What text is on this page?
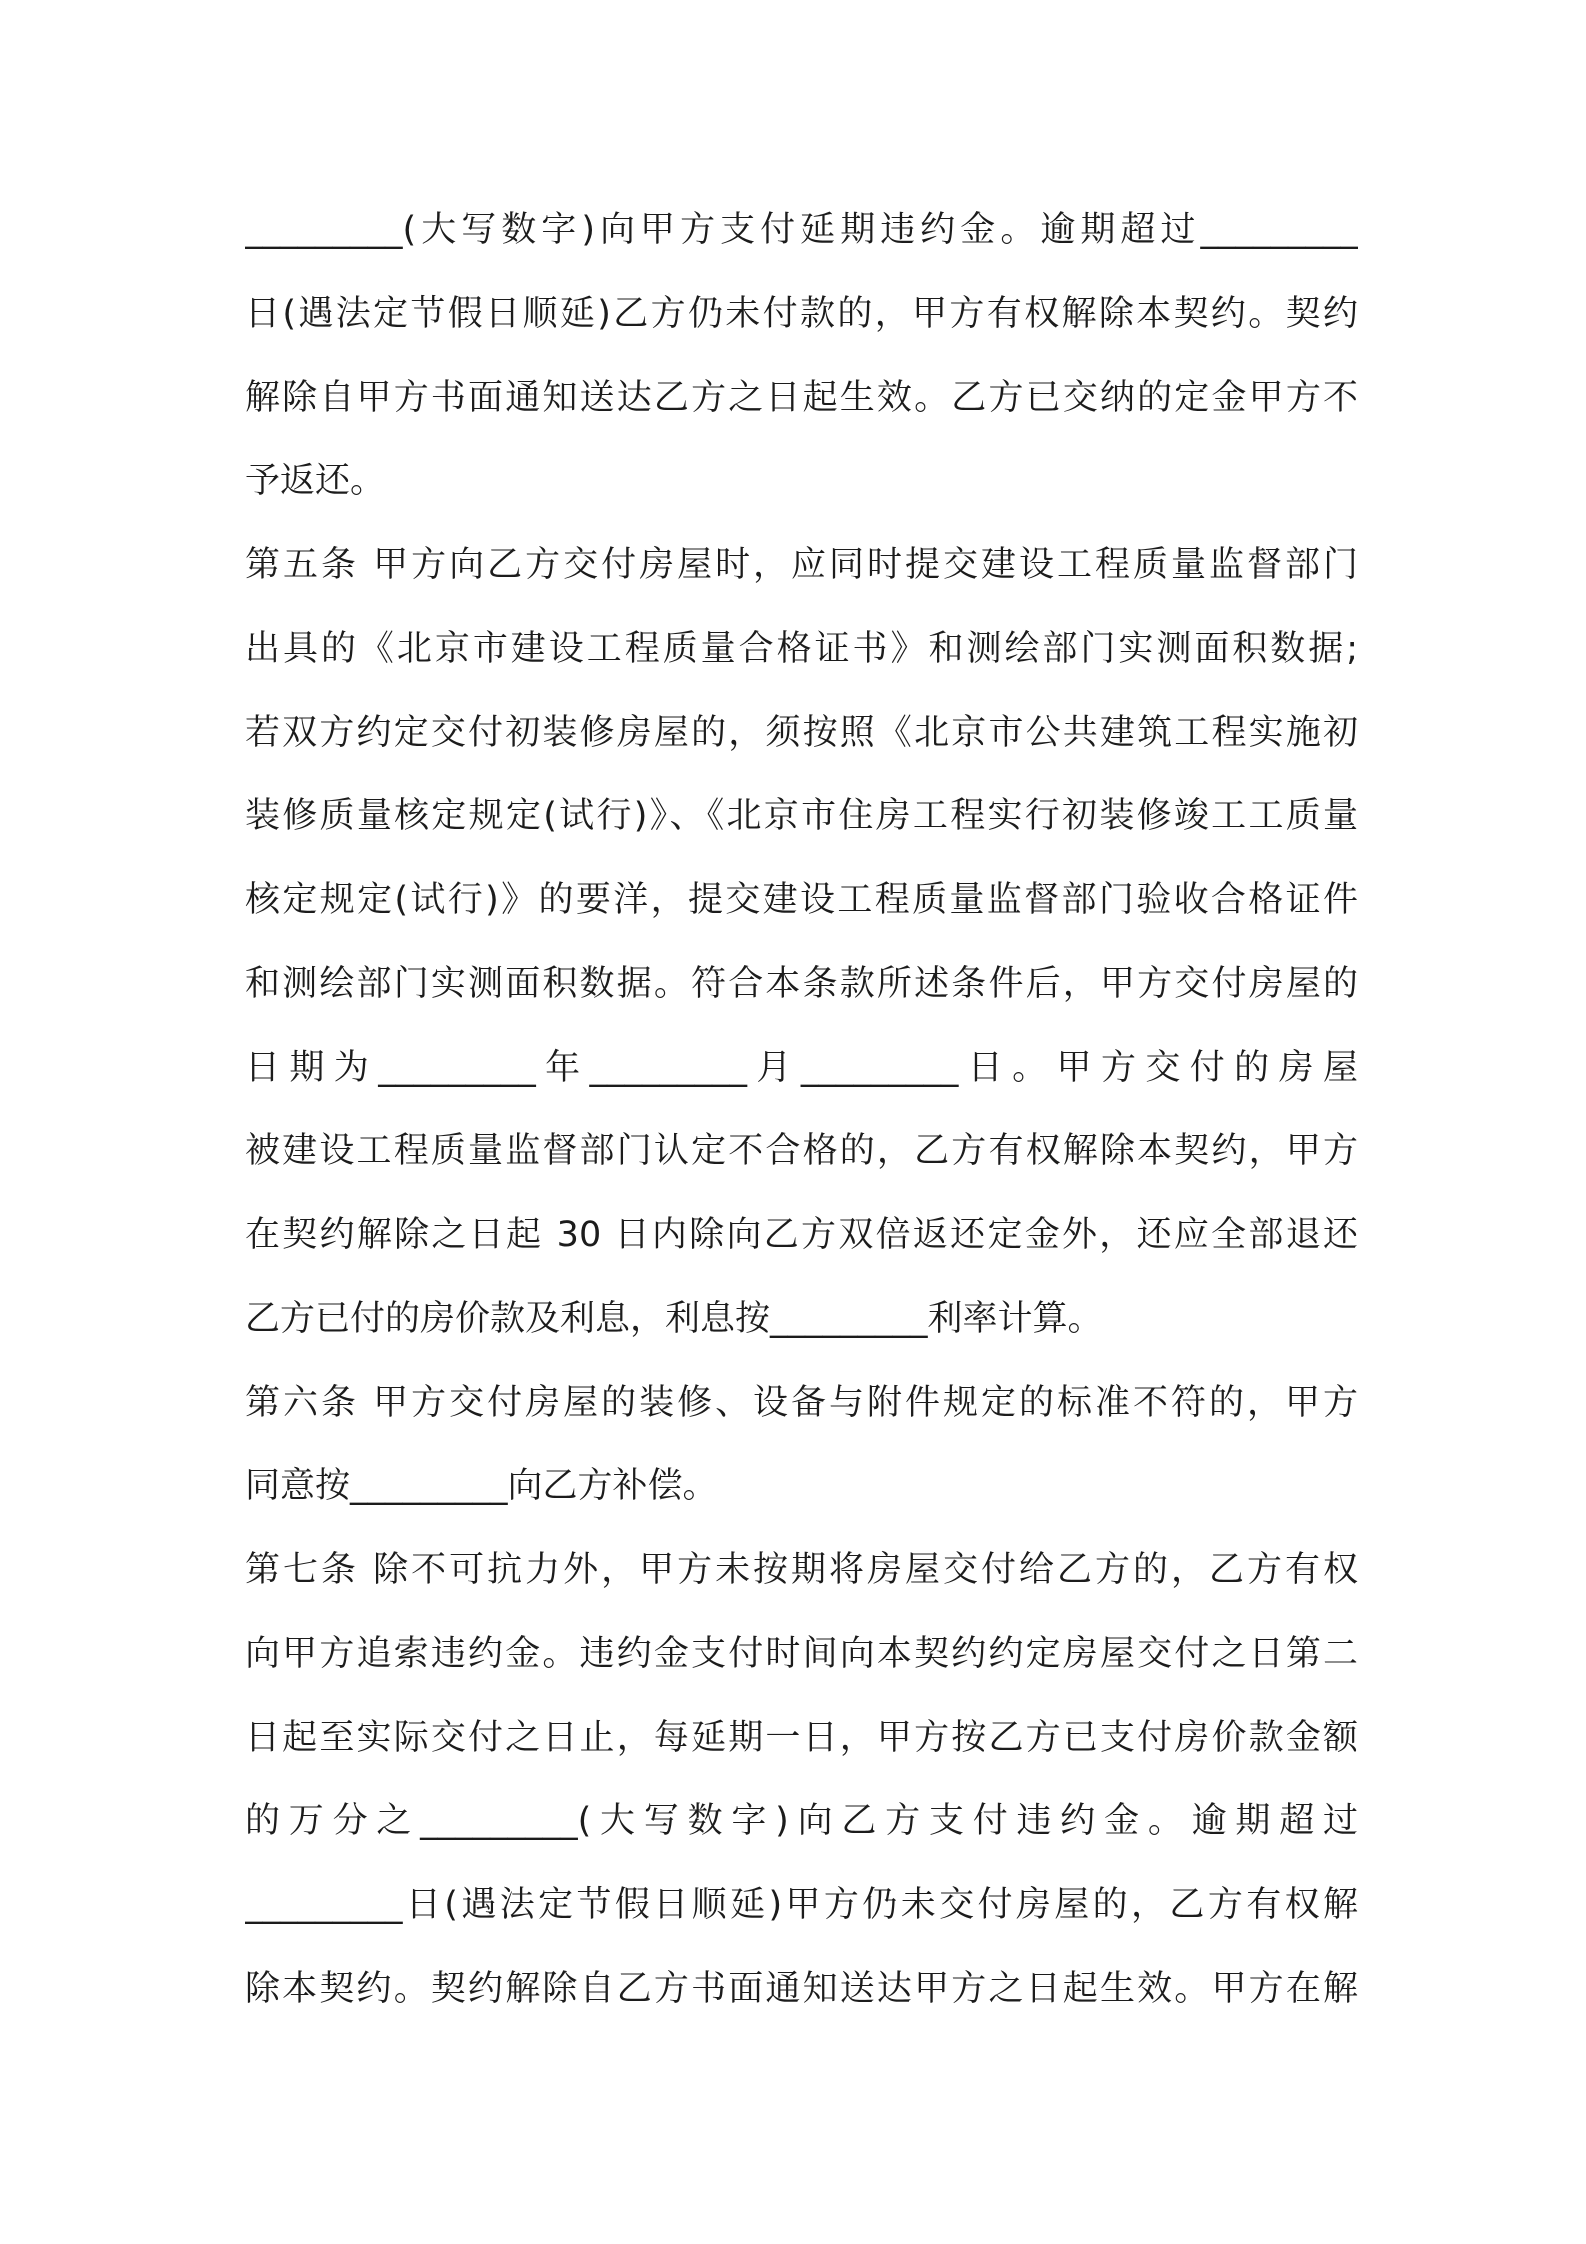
_________(大写数字)向甲方支付延期违约金。逾期超过_________
日(遇法定节假日顺延)乙方仍未付款的，甲方有权解除本契约。契约
解除自甲方书面通知送达乙方之日起生效。乙方已交纳的定金甲方不
予返还。
第五条 甲方向乙方交付房屋时，应同时提交建设工程质量监督部门
出具的《北京市建设工程质量合格证书》和测绘部门实测面积数据;
若双方约定交付初装修房屋的，须按照《北京市公共建筑工程实施初
装修质量核定规定(试行)》、《北京市住房工程实行初装修竣工工质量
核定规定(试行)》的要洋，提交建设工程质量监督部门验收合格证件
和测绘部门实测面积数据。符合本条款所述条件后，甲方交付房屋的
日期为_________年_________月_________日。甲方交付的房屋
被建设工程质量监督部门认定不合格的，乙方有权解除本契约，甲方
在契约解除之日起 30 日内除向乙方双倍返还定金外，还应全部退还
乙方已付的房价款及利息，利息按_________利率计算。
第六条 甲方交付房屋的装修、设备与附件规定的标准不符的，甲方
同意按_________向乙方补偿。
第七条 除不可抗力外，甲方未按期将房屋交付给乙方的，乙方有权
向甲方追索违约金。违约金支付时间向本契约约定房屋交付之日第二
日起至实际交付之日止，每延期一日，甲方按乙方已支付房价款金额
的万分之_________(大写数字)向乙方支付违约金。逾期超过
_________日(遇法定节假日顺延)甲方仍未交付房屋的，乙方有权解
除本契约。契约解除自乙方书面通知送达甲方之日起生效。甲方在解
